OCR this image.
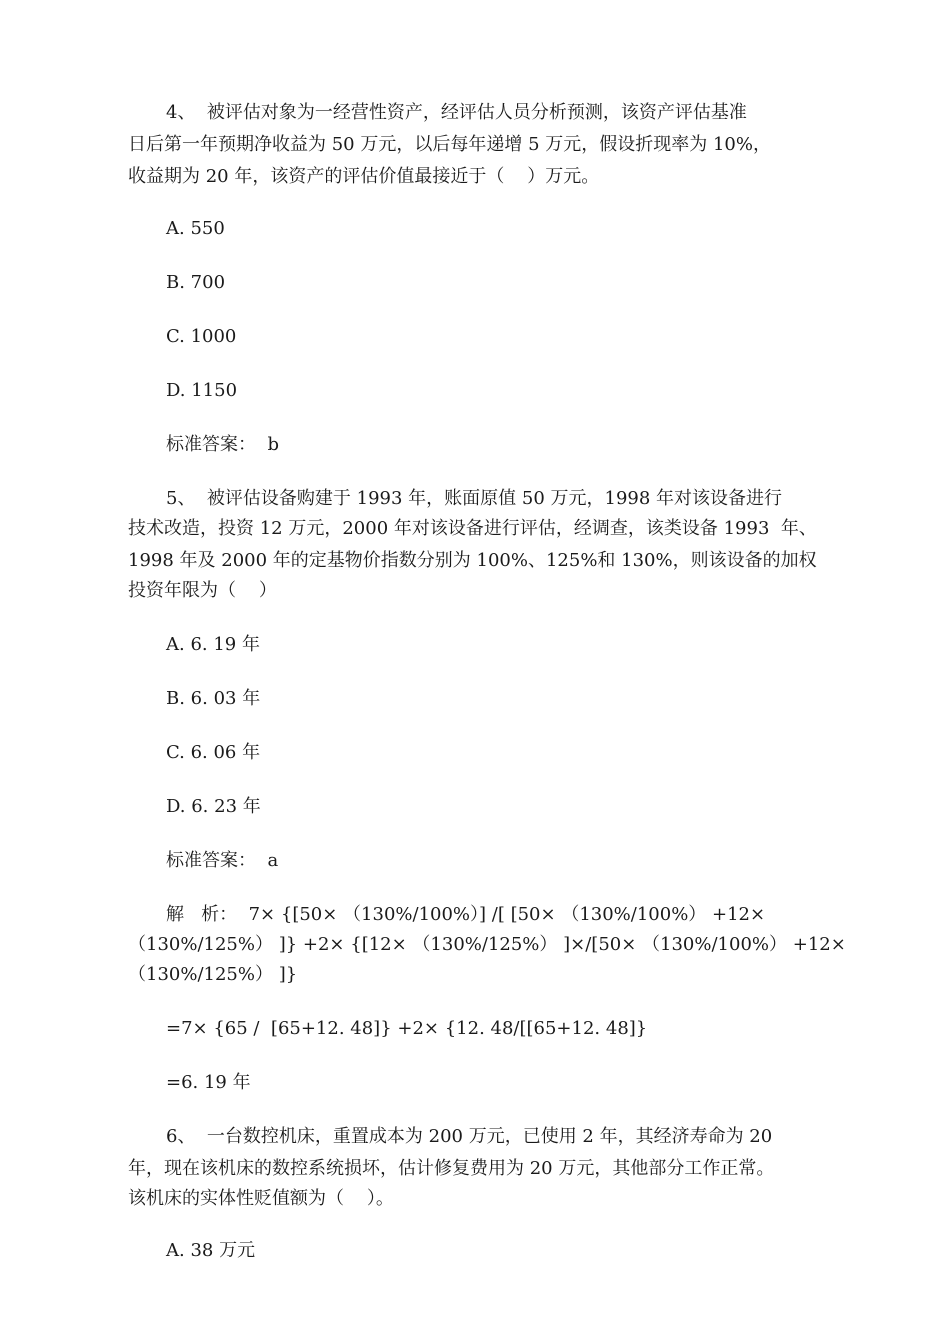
4、  被评估对象为一经营性资产，经评估人员分析预测，该资产评估基准
日后第一年预期净收益为 50 万元，以后每年递增 5 万元，假设折现率为 10%，
收益期为 20 年，该资产的评估价值最接近于（    ）万元。
A. 550
B. 700
C. 1000
D. 1150
标准答案：  b
5、  被评估设备购建于 1993 年，账面原值 50 万元，1998 年对该设备进行
技术改造，投资 12 万元，2000 年对该设备进行评估，经调查，该类设备 1993  年、
1998 年及 2000 年的定基物价指数分别为 100%、125%和 130%，则该设备的加权
投资年限为（    ）
A. 6. 19 年
B. 6. 03 年
C. 6. 06 年
D. 6. 23 年
标准答案：  a
解   析：  7× {[50× （130%/100%）] /[ [50× （130%/100%） +12×
（130%/125%） ]} +2× {[12× （130%/125%） ]×/[50× （130%/100%） +12×
（130%/125%） ]}
=7× {65 /  [65+12. 48]} +2× {12. 48/[[65+12. 48]}
=6. 19 年
6、  一台数控机床，重置成本为 200 万元，已使用 2 年，其经济寿命为 20
年，现在该机床的数控系统损坏，估计修复费用为 20 万元，其他部分工作正常。
该机床的实体性贬值额为（    ）。
A. 38 万元
